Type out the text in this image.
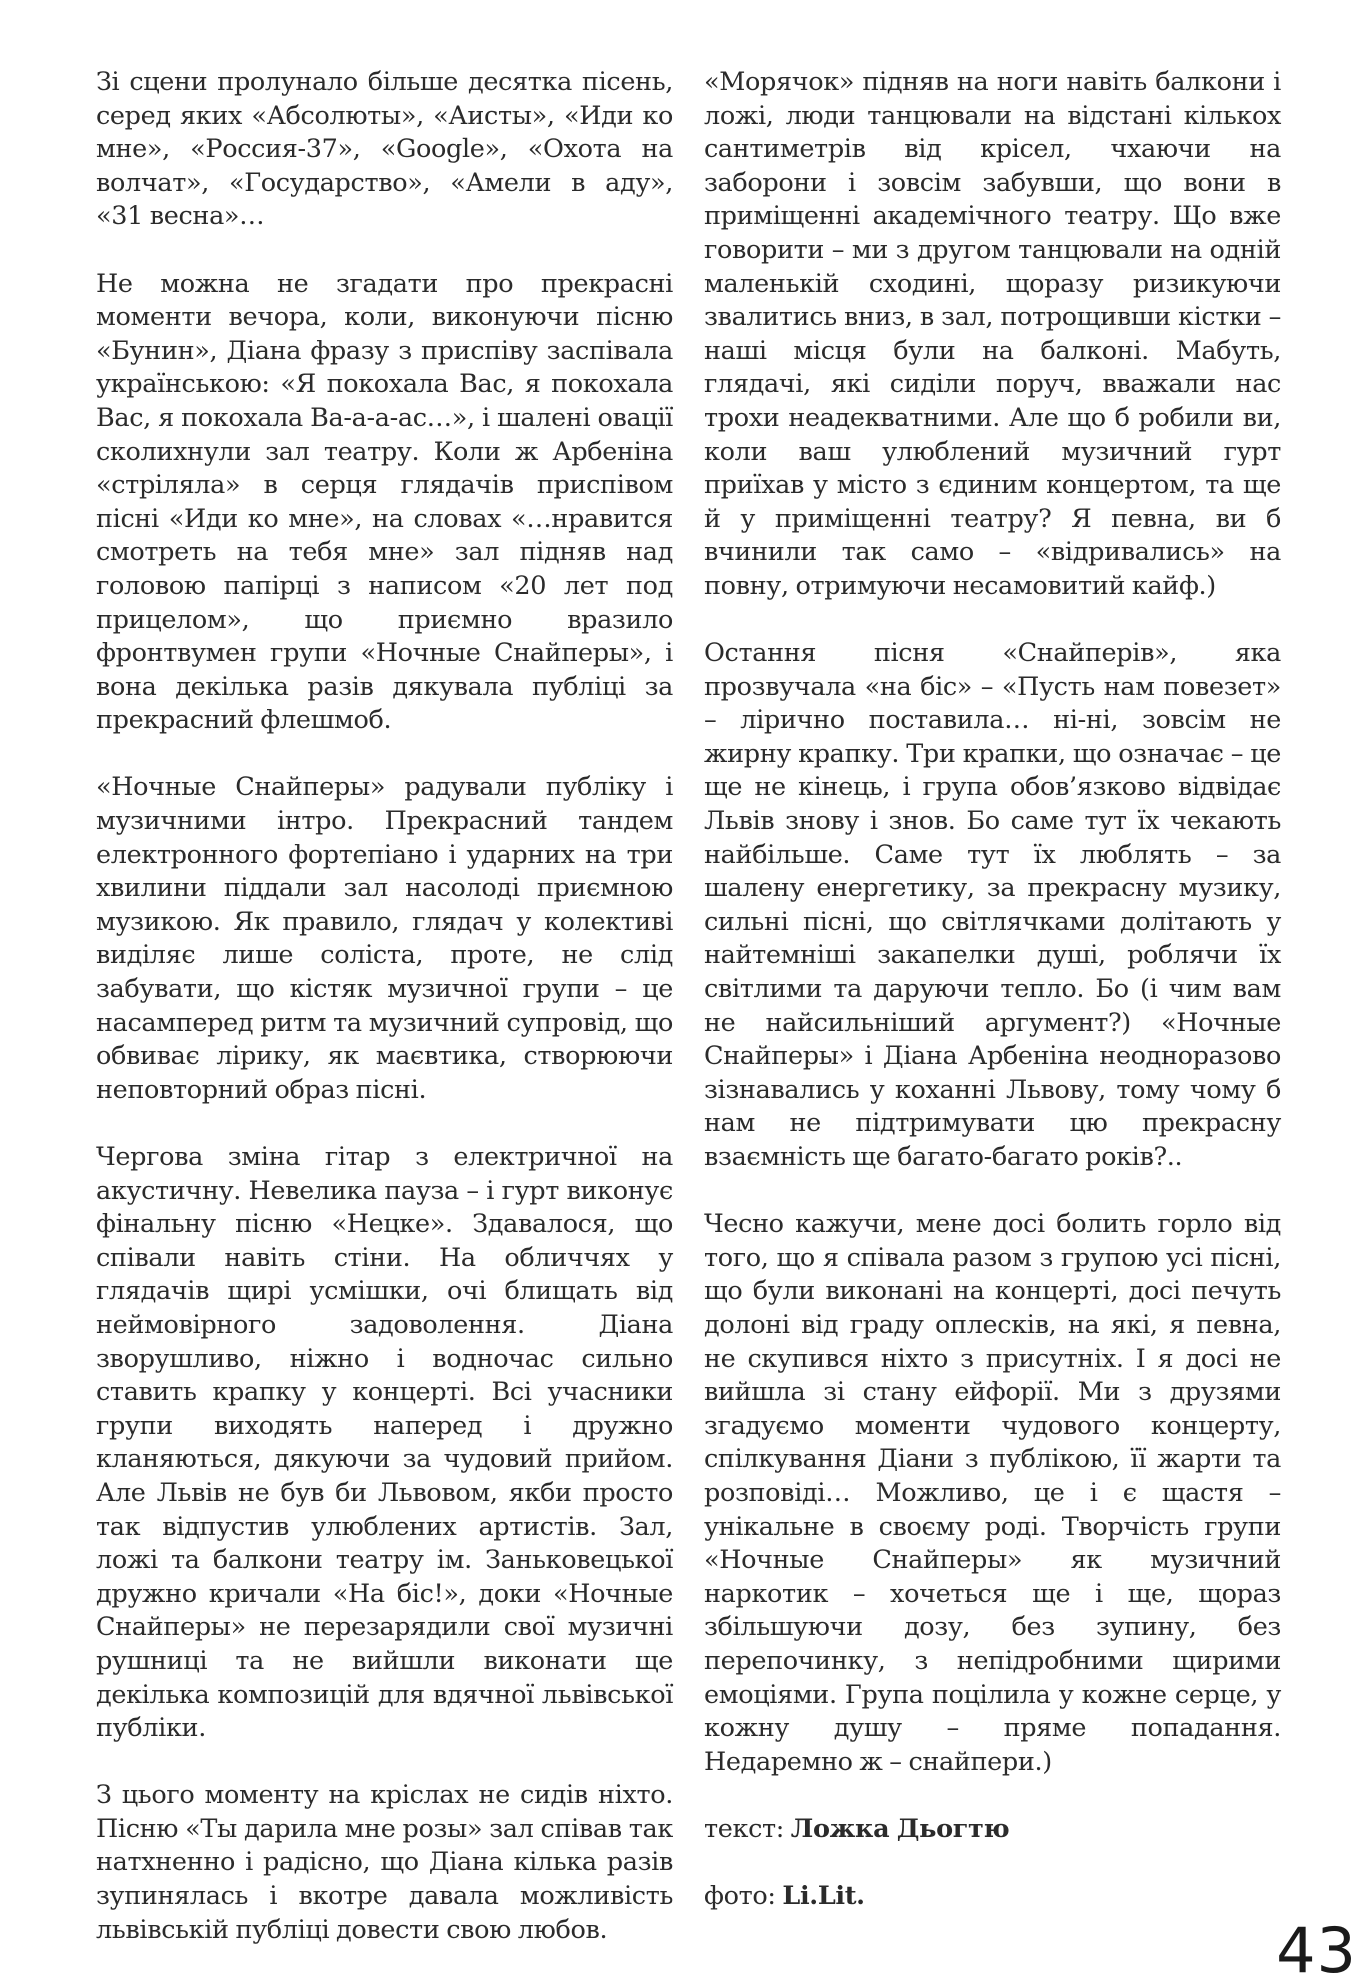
Зі сцени пролунало більше десятка пісень, серед яких «Абсолюты», «Аисты», «Иди ко мне», «Россия-37», «Google», «Охота на волчат», «Государство», «Амели в аду», «31 весна»…

Не можна не згадати про прекрасні моменти вечора, коли, виконуючи пісню «Бунин», Діана фразу з приспіву заспівала українською: «Я покохала Вас, я покохала Вас, я покохала Ва-а-а-ас…», і шалені овації сколихнули зал театру. Коли ж Арбеніна «стріляла» в серця глядачів приспівом пісні «Иди ко мне», на словах «…нравится смотреть на тебя мне» зал підняв над головою папірці з написом «20 лет под прицелом», що приємно вразило фронтвумен групи «Ночные Снайперы», і вона декілька разів дякувала публіці за прекрасний флешмоб.

«Ночные Снайперы» радували публіку і музичними інтро. Прекрасний тандем електронного фортепіано і ударних на три хвилини піддали зал насолоді приємною музикою. Як правило, глядач у колективі виділяє лише соліста, проте, не слід забувати, що кістяк музичної групи – це насамперед ритм та музичний супровід, що обвиває лірику, як маєвтика, створюючи неповторний образ пісні.

Чергова зміна гітар з електричної на акустичну. Невелика пауза – і гурт виконує фінальну пісню «Нецке». Здавалося, що співали навіть стіни. На обличчях у глядачів щирі усмішки, очі блищать від неймовірного задоволення. Діана зворушливо, ніжно і водночас сильно ставить крапку у концерті. Всі учасники групи виходять наперед і дружно кланяються, дякуючи за чудовий прийом. Але Львів не був би Львовом, якби просто так відпустив улюблених артистів. Зал, ложі та балкони театру ім. Заньковецької дружно кричали «На біс!», доки «Ночные Снайперы» не перезарядили свої музичні рушниці та не вийшли виконати ще декілька композицій для вдячної львівської публіки.

З цього моменту на кріслах не сидів ніхто. Пісню «Ты дарила мне розы» зал співав так натхненно і радісно, що Діана кілька разів зупинялась і вкотре давала можливість львівській публіці довести свою любов.

«Морячок» підняв на ноги навіть балкони і ложі, люди танцювали на відстані кількох сантиметрів від крісел, чхаючи на заборони і зовсім забувши, що вони в приміщенні академічного театру. Що вже говорити – ми з другом танцювали на одній маленькій сходині, щоразу ризикуючи звалитись вниз, в зал, потрощивши кістки – наші місця були на балконі. Мабуть, глядачі, які сиділи поруч, вважали нас трохи неадекватними. Але що б робили ви, коли ваш улюблений музичний гурт приїхав у місто з єдиним концертом, та ще й у приміщенні театру? Я певна, ви б вчинили так само – «відривались» на повну, отримуючи несамовитий кайф.)

Остання пісня «Снайперів», яка прозвучала «на біс» – «Пусть нам повезет» – лірично поставила… ні-ні, зовсім не жирну крапку. Три крапки, що означає – це ще не кінець, і група обов’язково відвідає Львів знову і знов. Бо саме тут їх чекають найбільше. Саме тут їх люблять – за шалену енергетику, за прекрасну музику, сильні пісні, що світлячками долітають у найтемніші закапелки душі, роблячи їх світлими та даруючи тепло. Бо (і чим вам не найсильніший аргумент?) «Ночные Снайперы» і Діана Арбеніна неодноразово зізнавались у коханні Львову, тому чому б нам не підтримувати цю прекрасну взаємність ще багато-багато років?..

Чесно кажучи, мене досі болить горло від того, що я співала разом з групою усі пісні, що були виконані на концерті, досі печуть долоні від граду оплесків, на які, я певна, не скупився ніхто з присутніх. І я досі не вийшла зі стану ейфорії. Ми з друзями згадуємо моменти чудового концерту, спілкування Діани з публікою, її жарти та розповіді… Можливо, це і є щастя – унікальне в своєму роді. Творчість групи «Ночные Снайперы» як музичний наркотик – хочеться ще і ще, щораз збільшуючи дозу, без зупину, без перепочинку, з непідробними щирими емоціями. Група поцілила у кожне серце, у кожну душу – пряме попадання. Недаремно ж – снайпери.)

текст: Ложка Дьогтю

фото: Li.Lit.

43
